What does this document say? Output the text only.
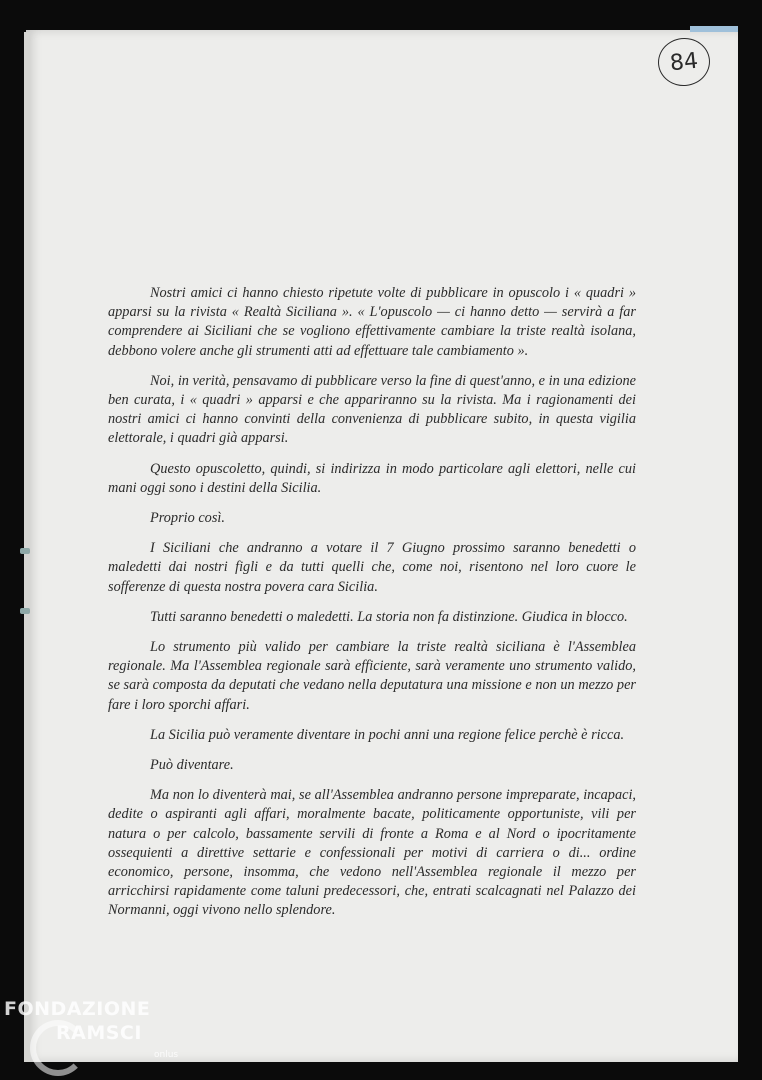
84

Nostri amici ci hanno chiesto ripetute volte di pubblicare in opuscolo i « quadri » apparsi su la rivista « Realtà Siciliana ». « L'opuscolo — ci hanno detto — servirà a far comprendere ai Siciliani che se vogliono effettivamente cambiare la triste realtà isolana, debbono volere anche gli strumenti atti ad effettuare tale cambiamento ».

Noi, in verità, pensavamo di pubblicare verso la fine di quest'anno, e in una edizione ben curata, i « quadri » apparsi e che appariranno su la rivista. Ma i ragionamenti dei nostri amici ci hanno convinti della convenienza di pubblicare subito, in questa vigilia elettorale, i quadri già apparsi.

Questo opuscoletto, quindi, si indirizza in modo particolare agli elettori, nelle cui mani oggi sono i destini della Sicilia.

Proprio così.

I Siciliani che andranno a votare il 7 Giugno prossimo saranno benedetti o maledetti dai nostri figli e da tutti quelli che, come noi, risentono nel loro cuore le sofferenze di questa nostra povera cara Sicilia.

Tutti saranno benedetti o maledetti. La storia non fa distinzione. Giudica in blocco.

Lo strumento più valido per cambiare la triste realtà siciliana è l'Assemblea regionale. Ma l'Assemblea regionale sarà efficiente, sarà veramente uno strumento valido, se sarà composta da deputati che vedano nella deputatura una missione e non un mezzo per fare i loro sporchi affari.

La Sicilia può veramente diventare in pochi anni una regione felice perchè è ricca.

Può diventare.

Ma non lo diventerà mai, se all'Assemblea andranno persone impreparate, incapaci, dedite o aspiranti agli affari, moralmente bacate, politicamente opportuniste, vili per natura o per calcolo, bassamente servili di fronte a Roma e al Nord o ipocritamente ossequienti a direttive settarie e confessionali per motivi di carriera o di... ordine economico, persone, insomma, che vedono nell'Assemblea regionale il mezzo per arricchirsi rapidamente come taluni predecessori, che, entrati scalcagnati nel Palazzo dei Normanni, oggi vivono nello splendore.

FONDAZIONE
RAMSCI
onlus
